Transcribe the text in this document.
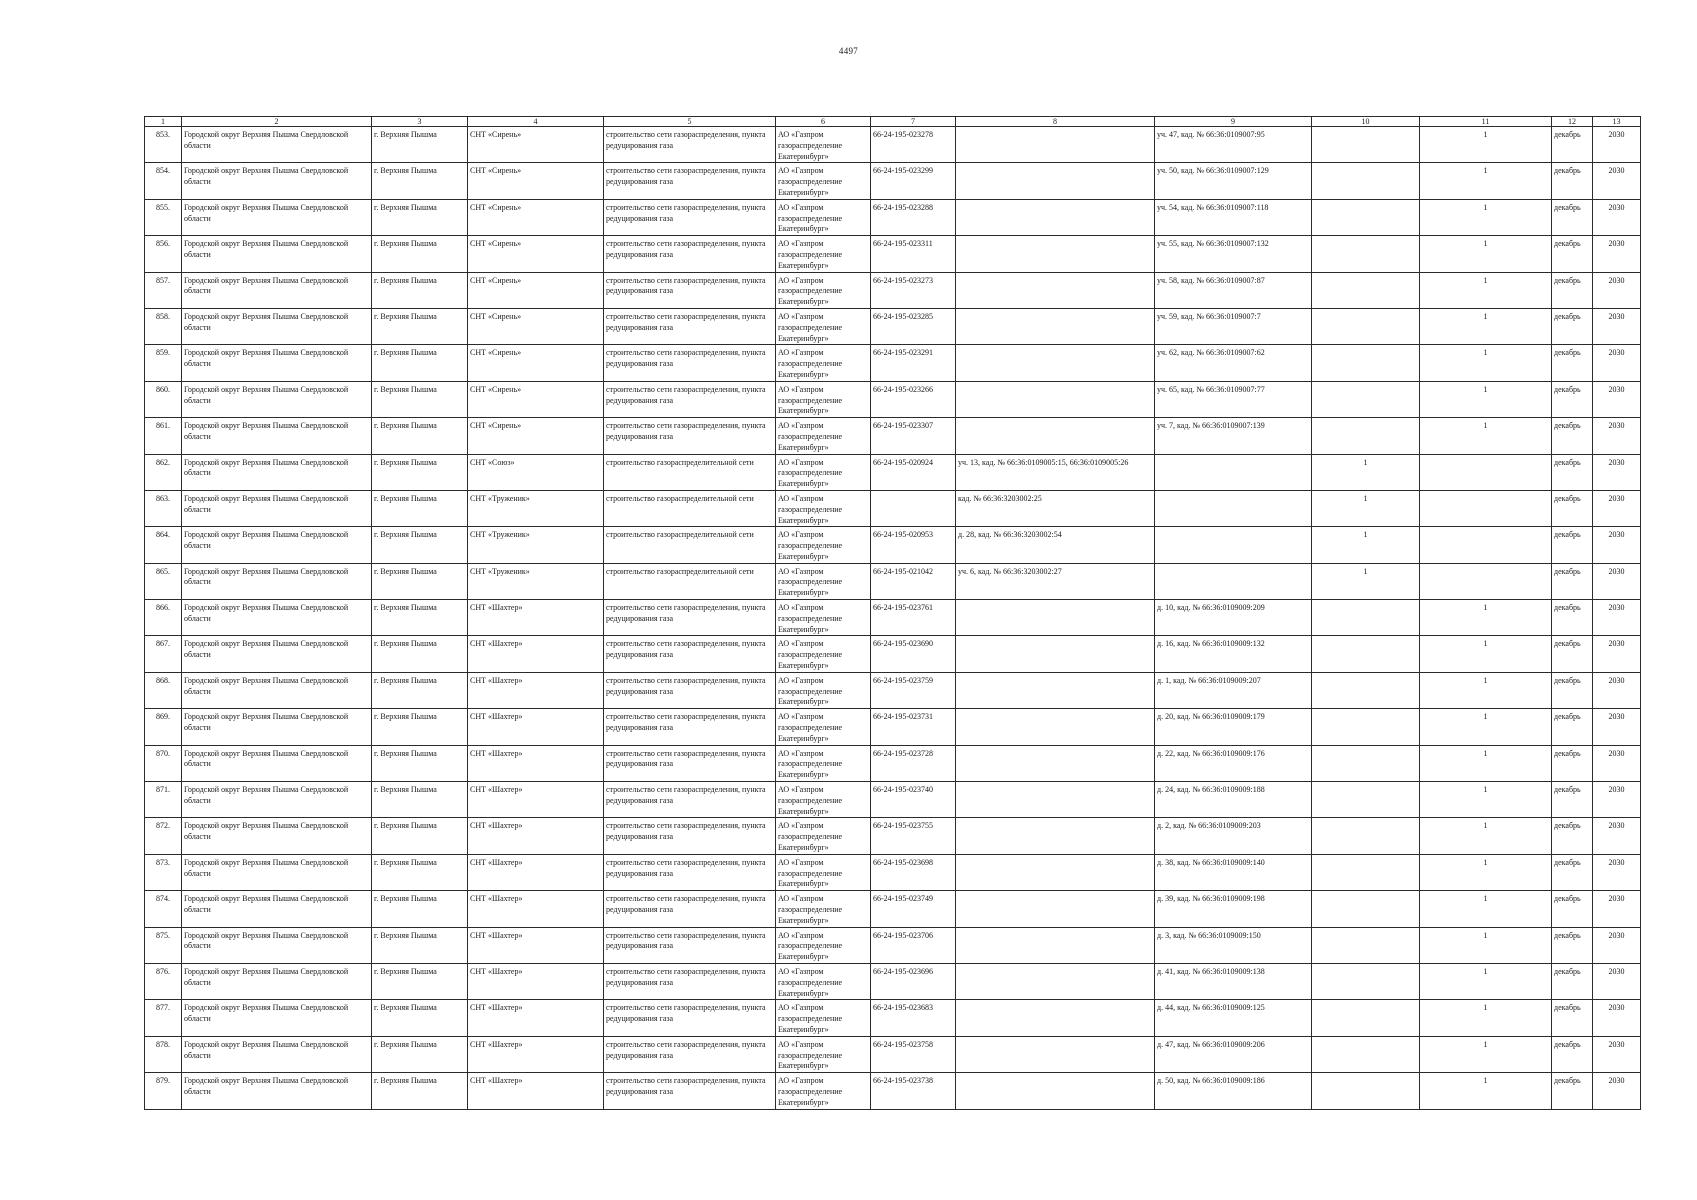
4497
1	2	3	4	5	6	7	8	9	10	11	12	13
853.	Городской округ Верхняя Пышма Свердловской области	г. Верхняя Пышма	СНТ «Сирень»	строительство сети газораспределения, пункта редуцирования газа	АО «Газпром газораспределение Екатеринбург»	66-24-195-023278		уч. 47, кад. № 66:36:0109007:95		1	декабрь	2030
854.	Городской округ Верхняя Пышма Свердловской области	г. Верхняя Пышма	СНТ «Сирень»	строительство сети газораспределения, пункта редуцирования газа	АО «Газпром газораспределение Екатеринбург»	66-24-195-023299		уч. 50, кад. № 66:36:0109007:129		1	декабрь	2030
855.	Городской округ Верхняя Пышма Свердловской области	г. Верхняя Пышма	СНТ «Сирень»	строительство сети газораспределения, пункта редуцирования газа	АО «Газпром газораспределение Екатеринбург»	66-24-195-023288		уч. 54, кад. № 66:36:0109007:118		1	декабрь	2030
856.	Городской округ Верхняя Пышма Свердловской области	г. Верхняя Пышма	СНТ «Сирень»	строительство сети газораспределения, пункта редуцирования газа	АО «Газпром газораспределение Екатеринбург»	66-24-195-023311		уч. 55, кад. № 66:36:0109007:132		1	декабрь	2030
857.	Городской округ Верхняя Пышма Свердловской области	г. Верхняя Пышма	СНТ «Сирень»	строительство сети газораспределения, пункта редуцирования газа	АО «Газпром газораспределение Екатеринбург»	66-24-195-023273		уч. 58, кад. № 66:36:0109007:87		1	декабрь	2030
858.	Городской округ Верхняя Пышма Свердловской области	г. Верхняя Пышма	СНТ «Сирень»	строительство сети газораспределения, пункта редуцирования газа	АО «Газпром газораспределение Екатеринбург»	66-24-195-023285		уч. 59, кад. № 66:36:0109007:7		1	декабрь	2030
859.	Городской округ Верхняя Пышма Свердловской области	г. Верхняя Пышма	СНТ «Сирень»	строительство сети газораспределения, пункта редуцирования газа	АО «Газпром газораспределение Екатеринбург»	66-24-195-023291		уч. 62, кад. № 66:36:0109007:62		1	декабрь	2030
860.	Городской округ Верхняя Пышма Свердловской области	г. Верхняя Пышма	СНТ «Сирень»	строительство сети газораспределения, пункта редуцирования газа	АО «Газпром газораспределение Екатеринбург»	66-24-195-023266		уч. 65, кад. № 66:36:0109007:77		1	декабрь	2030
861.	Городской округ Верхняя Пышма Свердловской области	г. Верхняя Пышма	СНТ «Сирень»	строительство сети газораспределения, пункта редуцирования газа	АО «Газпром газораспределение Екатеринбург»	66-24-195-023307		уч. 7, кад. № 66:36:0109007:139		1	декабрь	2030
862.	Городской округ Верхняя Пышма Свердловской области	г. Верхняя Пышма	СНТ «Союз»	строительство газораспределительной сети	АО «Газпром газораспределение Екатеринбург»	66-24-195-020924	уч. 13, кад. № 66:36:0109005:15, 66:36:0109005:26		1		декабрь	2030
863.	Городской округ Верхняя Пышма Свердловской области	г. Верхняя Пышма	СНТ «Труженик»	строительство газораспределительной сети	АО «Газпром газораспределение Екатеринбург»		кад. № 66:36:3203002:25		1		декабрь	2030
864.	Городской округ Верхняя Пышма Свердловской области	г. Верхняя Пышма	СНТ «Труженик»	строительство газораспределительной сети	АО «Газпром газораспределение Екатеринбург»	66-24-195-020953	д. 28, кад. № 66:36:3203002:54		1		декабрь	2030
865.	Городской округ Верхняя Пышма Свердловской области	г. Верхняя Пышма	СНТ «Труженик»	строительство газораспределительной сети	АО «Газпром газораспределение Екатеринбург»	66-24-195-021042	уч. 6, кад. № 66:36:3203002:27		1		декабрь	2030
866.	Городской округ Верхняя Пышма Свердловской области	г. Верхняя Пышма	СНТ «Шахтер»	строительство сети газораспределения, пункта редуцирования газа	АО «Газпром газораспределение Екатеринбург»	66-24-195-023761		д. 10, кад. № 66:36:0109009:209		1	декабрь	2030
867.	Городской округ Верхняя Пышма Свердловской области	г. Верхняя Пышма	СНТ «Шахтер»	строительство сети газораспределения, пункта редуцирования газа	АО «Газпром газораспределение Екатеринбург»	66-24-195-023690		д. 16, кад. № 66:36:0109009:132		1	декабрь	2030
868.	Городской округ Верхняя Пышма Свердловской области	г. Верхняя Пышма	СНТ «Шахтер»	строительство сети газораспределения, пункта редуцирования газа	АО «Газпром газораспределение Екатеринбург»	66-24-195-023759		д. 1, кад. № 66:36:0109009:207		1	декабрь	2030
869.	Городской округ Верхняя Пышма Свердловской области	г. Верхняя Пышма	СНТ «Шахтер»	строительство сети газораспределения, пункта редуцирования газа	АО «Газпром газораспределение Екатеринбург»	66-24-195-023731		д. 20, кад. № 66:36:0109009:179		1	декабрь	2030
870.	Городской округ Верхняя Пышма Свердловской области	г. Верхняя Пышма	СНТ «Шахтер»	строительство сети газораспределения, пункта редуцирования газа	АО «Газпром газораспределение Екатеринбург»	66-24-195-023728		д. 22, кад. № 66:36:0109009:176		1	декабрь	2030
871.	Городской округ Верхняя Пышма Свердловской области	г. Верхняя Пышма	СНТ «Шахтер»	строительство сети газораспределения, пункта редуцирования газа	АО «Газпром газораспределение Екатеринбург»	66-24-195-023740		д. 24, кад. № 66:36:0109009:188		1	декабрь	2030
872.	Городской округ Верхняя Пышма Свердловской области	г. Верхняя Пышма	СНТ «Шахтер»	строительство сети газораспределения, пункта редуцирования газа	АО «Газпром газораспределение Екатеринбург»	66-24-195-023755		д. 2, кад. № 66:36:0109009:203		1	декабрь	2030
873.	Городской округ Верхняя Пышма Свердловской области	г. Верхняя Пышма	СНТ «Шахтер»	строительство сети газораспределения, пункта редуцирования газа	АО «Газпром газораспределение Екатеринбург»	66-24-195-023698		д. 38, кад. № 66:36:0109009:140		1	декабрь	2030
874.	Городской округ Верхняя Пышма Свердловской области	г. Верхняя Пышма	СНТ «Шахтер»	строительство сети газораспределения, пункта редуцирования газа	АО «Газпром газораспределение Екатеринбург»	66-24-195-023749		д. 39, кад. № 66:36:0109009:198		1	декабрь	2030
875.	Городской округ Верхняя Пышма Свердловской области	г. Верхняя Пышма	СНТ «Шахтер»	строительство сети газораспределения, пункта редуцирования газа	АО «Газпром газораспределение Екатеринбург»	66-24-195-023706		д. 3, кад. № 66:36:0109009:150		1	декабрь	2030
876.	Городской округ Верхняя Пышма Свердловской области	г. Верхняя Пышма	СНТ «Шахтер»	строительство сети газораспределения, пункта редуцирования газа	АО «Газпром газораспределение Екатеринбург»	66-24-195-023696		д. 41, кад. № 66:36:0109009:138		1	декабрь	2030
877.	Городской округ Верхняя Пышма Свердловской области	г. Верхняя Пышма	СНТ «Шахтер»	строительство сети газораспределения, пункта редуцирования газа	АО «Газпром газораспределение Екатеринбург»	66-24-195-023683		д. 44, кад. № 66:36:0109009:125		1	декабрь	2030
878.	Городской округ Верхняя Пышма Свердловской области	г. Верхняя Пышма	СНТ «Шахтер»	строительство сети газораспределения, пункта редуцирования газа	АО «Газпром газораспределение Екатеринбург»	66-24-195-023758		д. 47, кад. № 66:36:0109009:206		1	декабрь	2030
879.	Городской округ Верхняя Пышма Свердловской области	г. Верхняя Пышма	СНТ «Шахтер»	строительство сети газораспределения, пункта редуцирования газа	АО «Газпром газораспределение Екатеринбург»	66-24-195-023738		д. 50, кад. № 66:36:0109009:186		1	декабрь	2030
